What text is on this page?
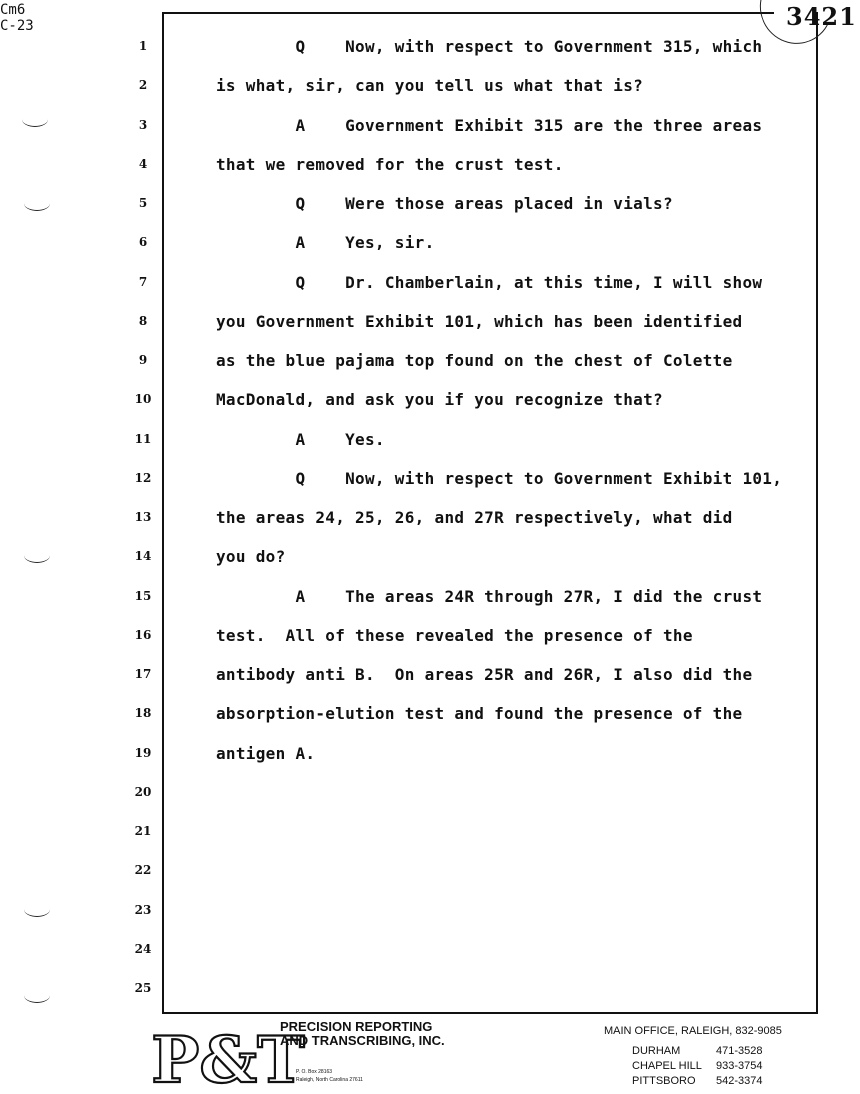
Cm6
C-23	3421
1
2
3
4
5
6
7
8
9
10
11
12
13
14
15
16
17
18
19
20
21
22
23
24
25
Q    Now, with respect to Government 315, which
is what, sir, can you tell us what that is?
A    Government Exhibit 315 are the three areas
that we removed for the crust test.
Q    Were those areas placed in vials?
A    Yes, sir.
Q    Dr. Chamberlain, at this time, I will show
you Government Exhibit 101, which has been identified
as the blue pajama top found on the chest of Colette
MacDonald, and ask you if you recognize that?
A    Yes.
Q    Now, with respect to Government Exhibit 101,
the areas 24, 25, 26, and 27R respectively, what did
you do?
A    The areas 24R through 27R, I did the crust
test.  All of these revealed the presence of the
antibody anti B.  On areas 25R and 26R, I also did the
absorption-elution test and found the presence of the
antigen A.
P&T
PRECISION REPORTING
AND TRANSCRIBING, INC.
P. O. Box 28163
Raleigh, North Carolina 27611
MAIN OFFICE, RALEIGH, 832-9085
DURHAM	471-3528
CHAPEL HILL 933-3754
PITTSBORO 542-3374
